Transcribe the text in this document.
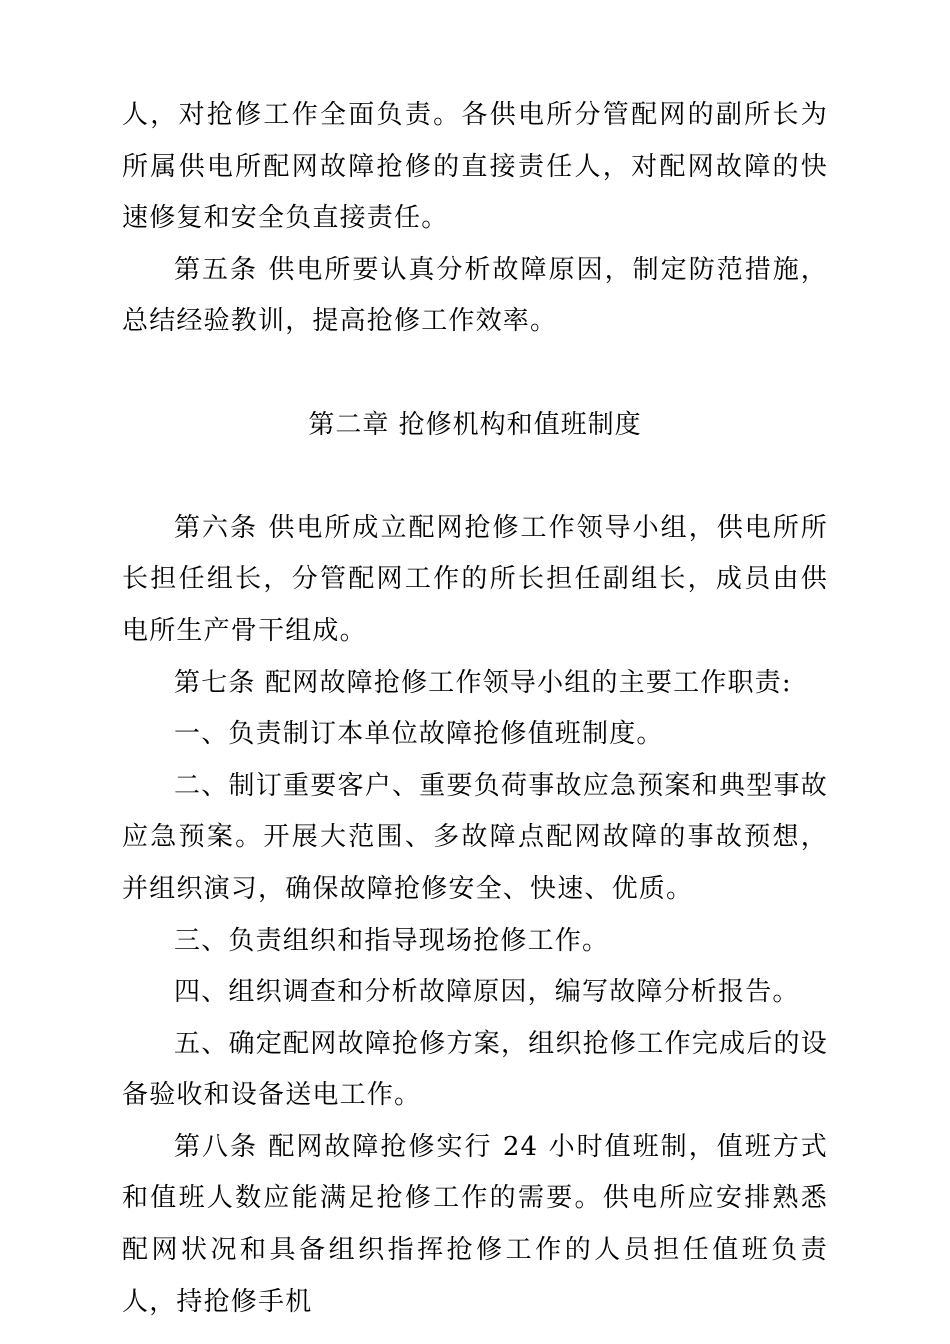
人，对抢修工作全面负责。各供电所分管配网的副所长为所属供电所配网故障抢修的直接责任人，对配网故障的快速修复和安全负直接责任。

第五条 供电所要认真分析故障原因，制定防范措施，总结经验教训，提高抢修工作效率。

第二章 抢修机构和值班制度

第六条 供电所成立配网抢修工作领导小组，供电所所长担任组长，分管配网工作的所长担任副组长，成员由供电所生产骨干组成。

第七条 配网故障抢修工作领导小组的主要工作职责:

一、负责制订本单位故障抢修值班制度。

二、制订重要客户、重要负荷事故应急预案和典型事故应急预案。开展大范围、多故障点配网故障的事故预想，并组织演习，确保故障抢修安全、快速、优质。

三、负责组织和指导现场抢修工作。

四、组织调查和分析故障原因，编写故障分析报告。

五、确定配网故障抢修方案，组织抢修工作完成后的设备验收和设备送电工作。

第八条 配网故障抢修实行 24 小时值班制，值班方式和值班人数应能满足抢修工作的需要。供电所应安排熟悉配网状况和具备组织指挥抢修工作的人员担任值班负责人，持抢修手机
